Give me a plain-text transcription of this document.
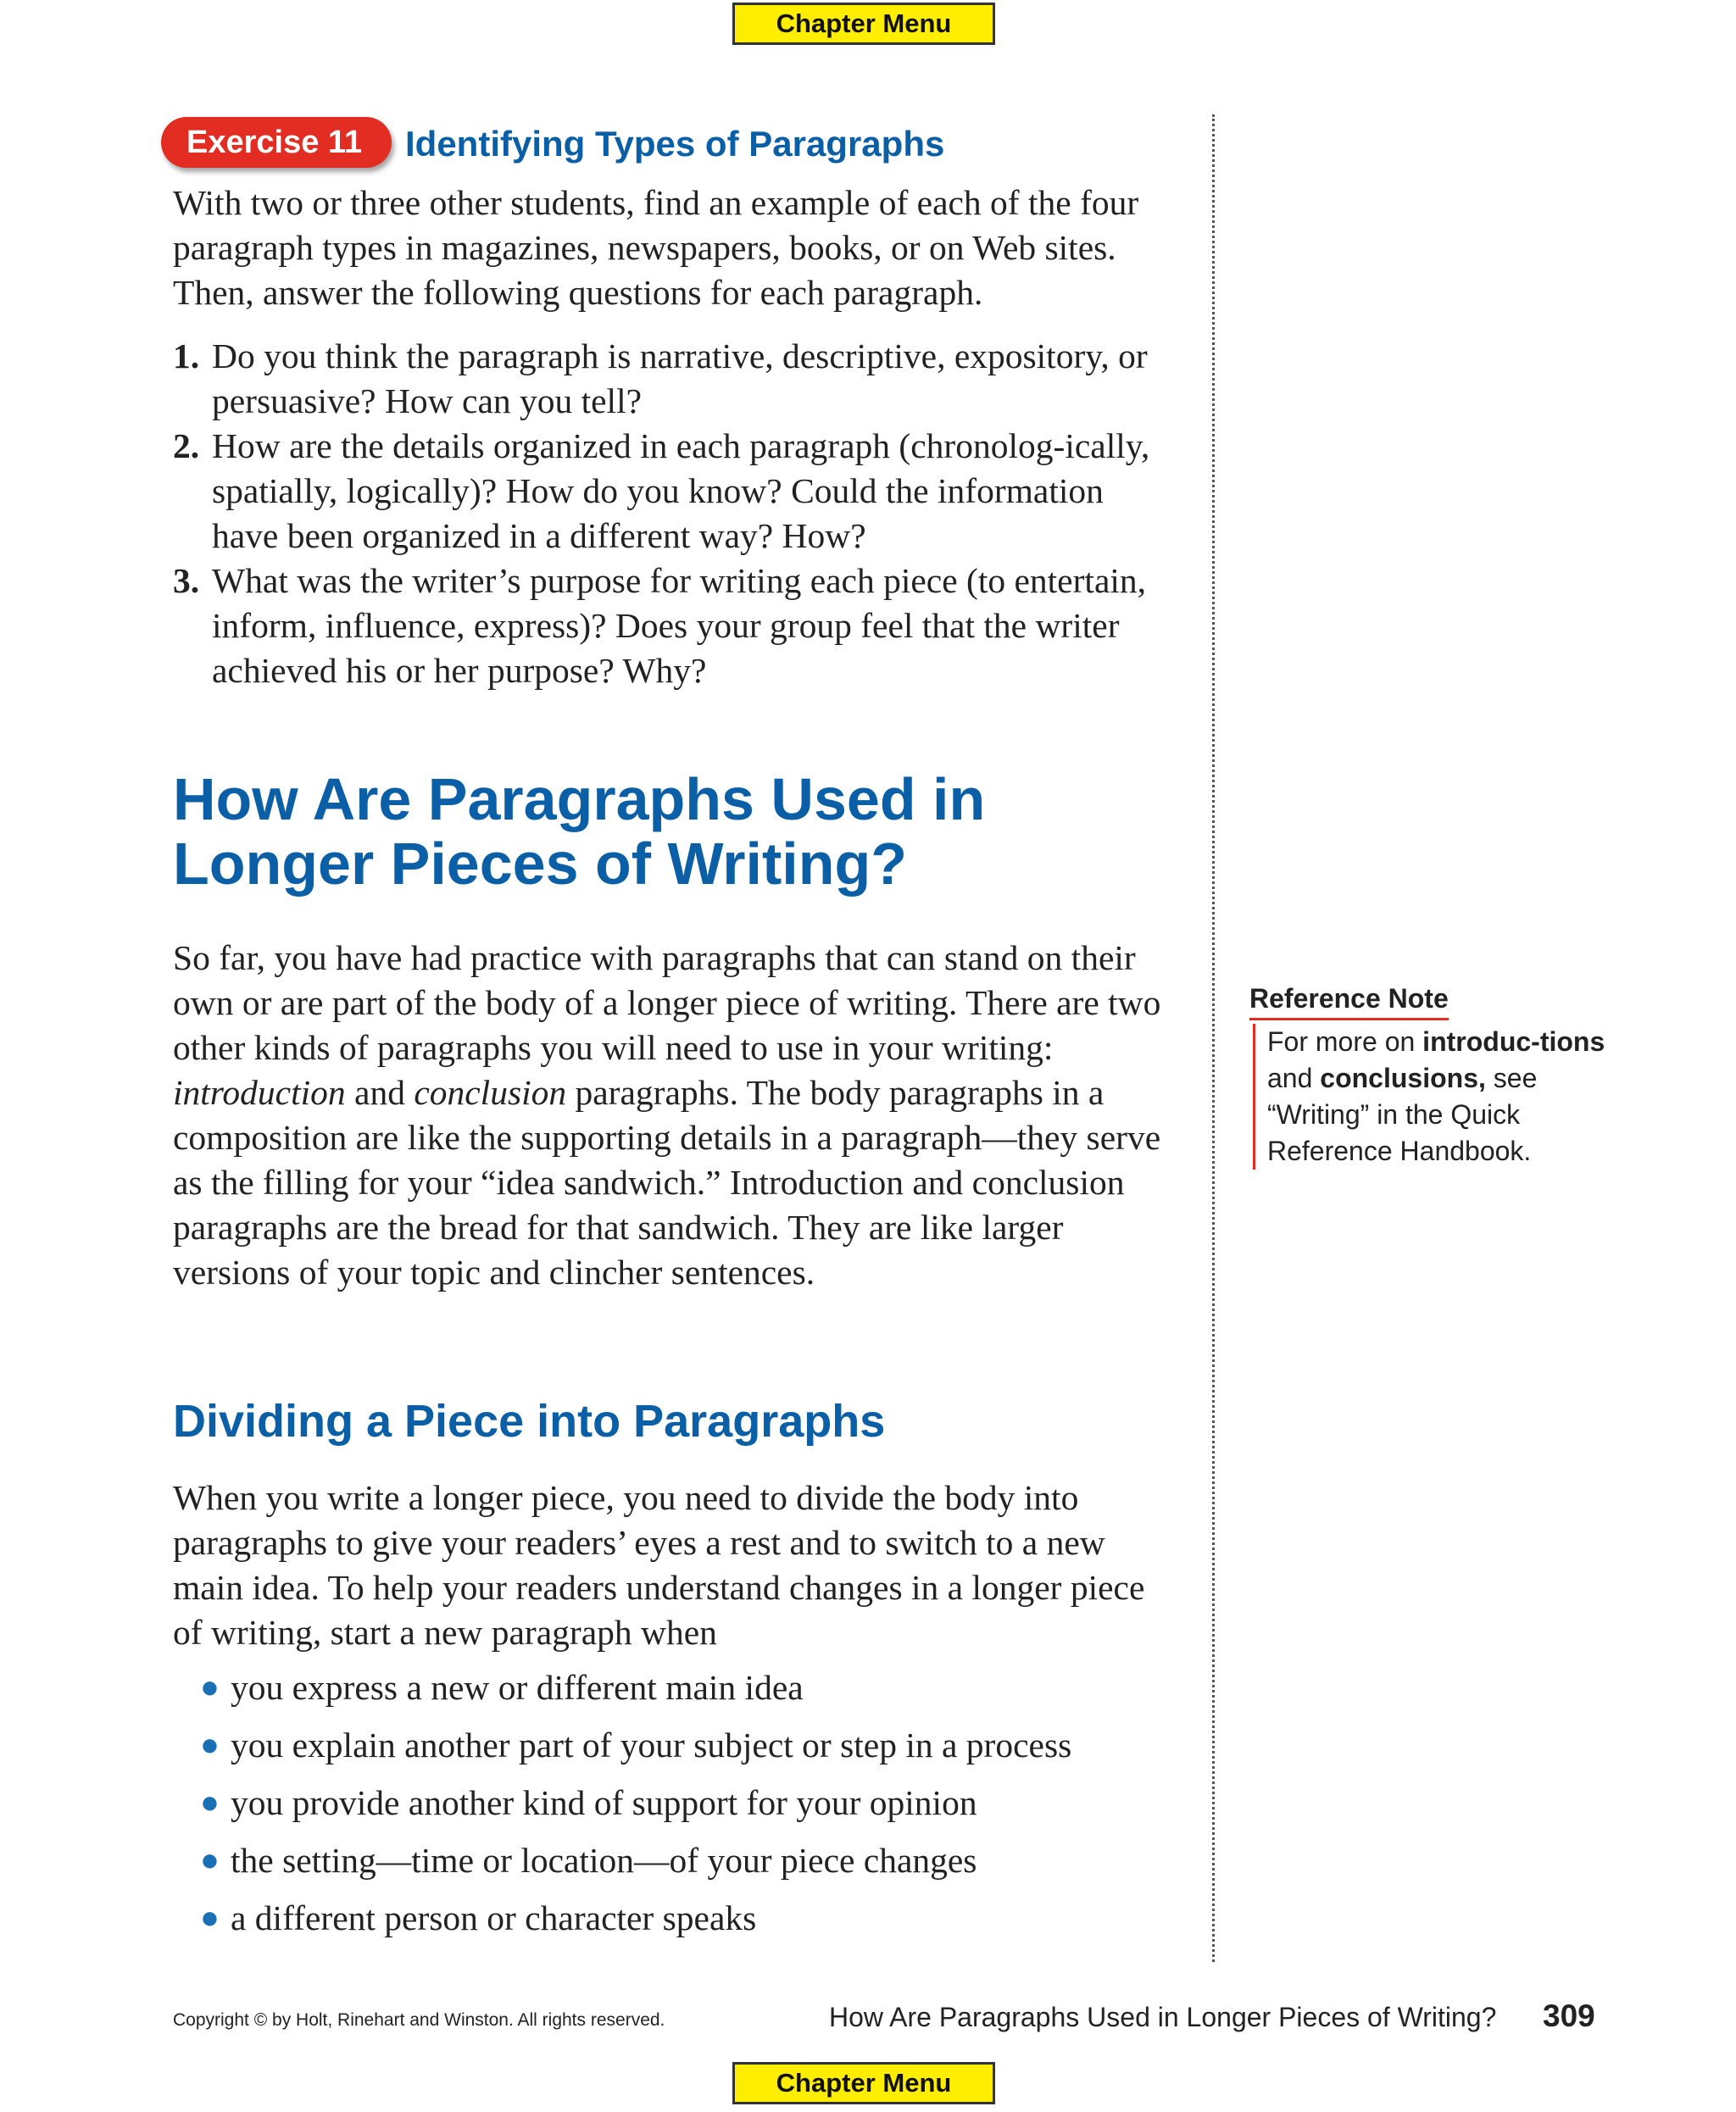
Chapter Menu
Exercise 11	Identifying Types of Paragraphs

With two or three other students, find an example of each of the four paragraph types in magazines, newspapers, books, or on Web sites. Then, answer the following questions for each paragraph.

1. Do you think the paragraph is narrative, descriptive, expository, or persuasive? How can you tell?
2. How are the details organized in each paragraph (chronolog-ically, spatially, logically)? How do you know? Could the information have been organized in a different way? How?
3. What was the writer’s purpose for writing each piece (to entertain, inform, influence, express)? Does your group feel that the writer achieved his or her purpose? Why?
How Are Paragraphs Used in Longer Pieces of Writing?

So far, you have had practice with paragraphs that can stand on their own or are part of the body of a longer piece of writing. There are two other kinds of paragraphs you will need to use in your writing: introduction and conclusion paragraphs. The body paragraphs in a composition are like the supporting details in a paragraph—they serve as the filling for your “idea sandwich.” Introduction and conclusion paragraphs are the bread for that sandwich. They are like larger versions of your topic and clincher sentences.

Dividing a Piece into Paragraphs

When you write a longer piece, you need to divide the body into paragraphs to give your readers’ eyes a rest and to switch to a new main idea. To help your readers understand changes in a longer piece of writing, start a new paragraph when

● you express a new or different main idea
● you explain another part of your subject or step in a process
● you provide another kind of support for your opinion
● the setting—time or location—of your piece changes
● a different person or character speaks
Reference Note
For more on introduc-tions and conclusions, see “Writing” in the Quick Reference Handbook.
Copyright © by Holt, Rinehart and Winston. All rights reserved.	How Are Paragraphs Used in Longer Pieces of Writing? 309
Chapter Menu
